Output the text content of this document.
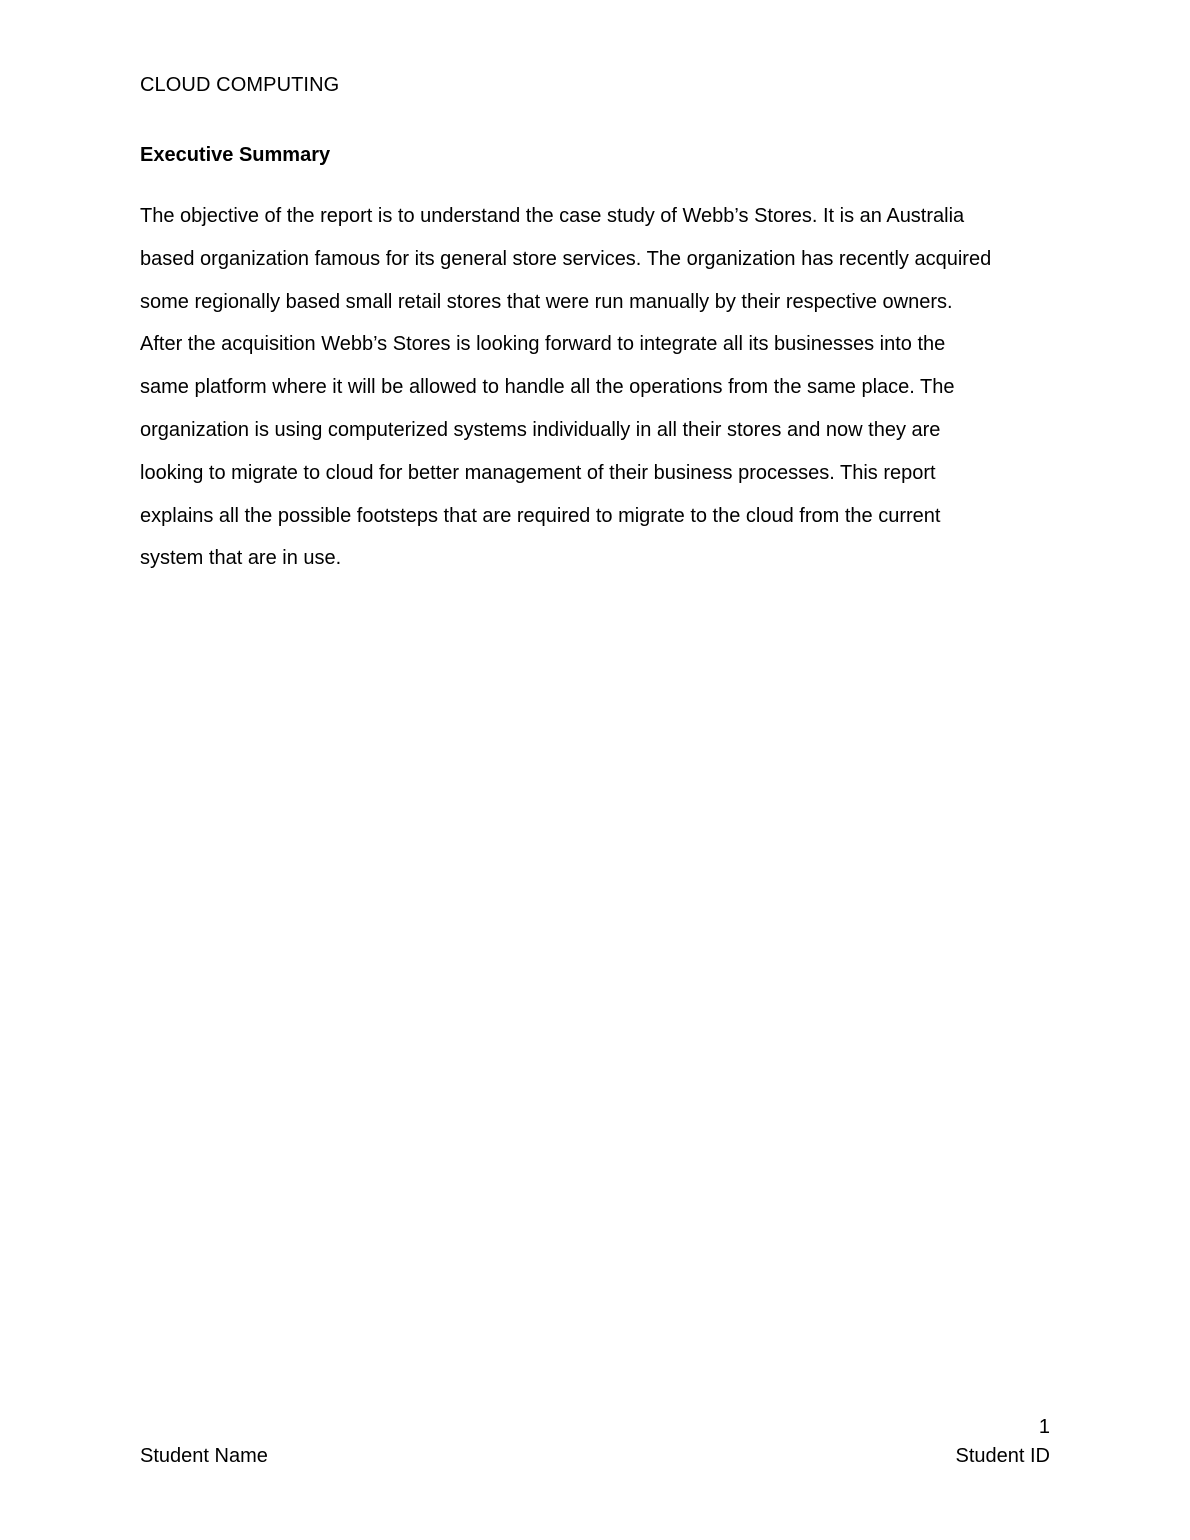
CLOUD COMPUTING
Executive Summary
The objective of the report is to understand the case study of Webb’s Stores. It is an Australia
based organization famous for its general store services. The organization has recently acquired
some regionally based small retail stores that were run manually by their respective owners.
After the acquisition Webb’s Stores is looking forward to integrate all its businesses into the
same platform where it will be allowed to handle all the operations from the same place. The
organization is using computerized systems individually in all their stores and now they are
looking to migrate to cloud for better management of their business processes. This report
explains all the possible footsteps that are required to migrate to the cloud from the current
system that are in use.
1
Student Name	Student ID
